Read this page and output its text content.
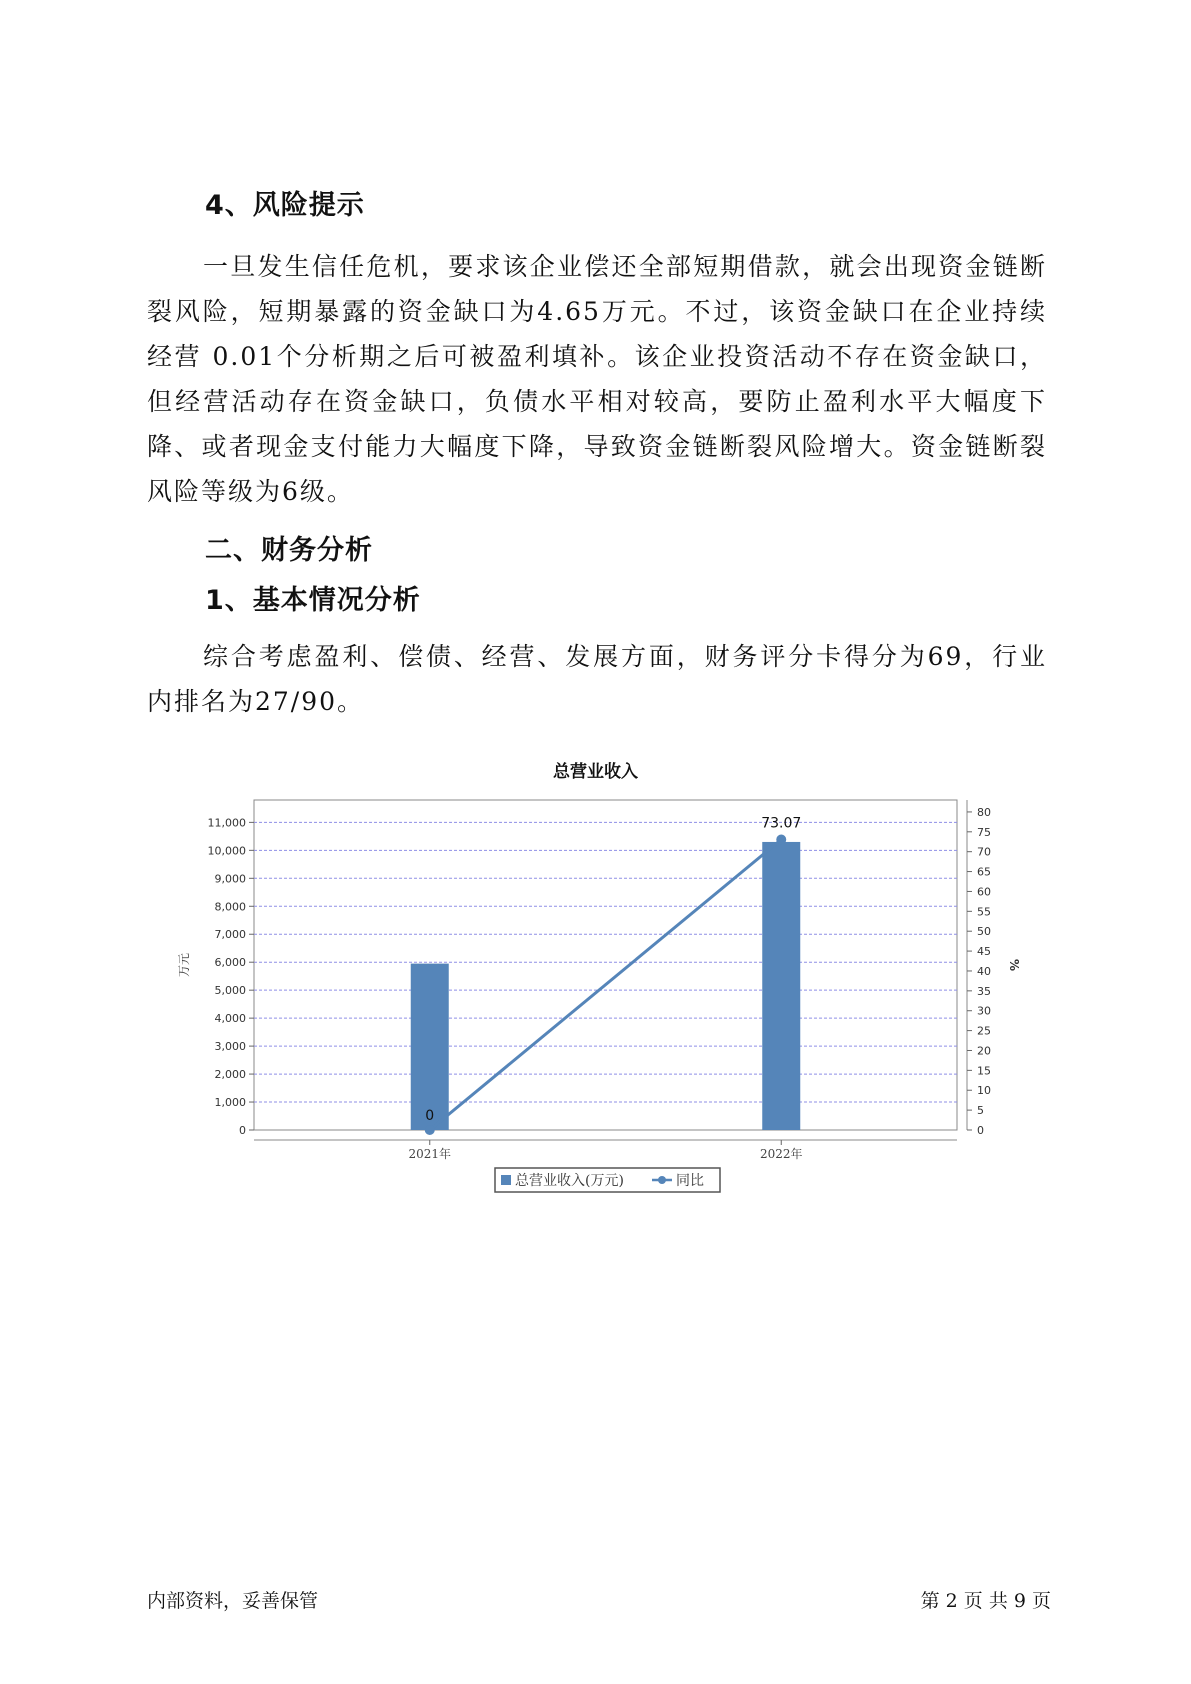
4、风险提示

一旦发生信任危机，要求该企业偿还全部短期借款，就会出现资金链断裂风险，短期暴露的资金缺口为4.65万元。不过，该资金缺口在企业持续经营 0.01个分析期之后可被盈利填补。该企业投资活动不存在资金缺口，但经营活动存在资金缺口，负债水平相对较高，要防止盈利水平大幅度下降、或者现金支付能力大幅度下降，导致资金链断裂风险增大。资金链断裂风险等级为6级。

二、财务分析
1、基本情况分析

综合考虑盈利、偿债、经营、发展方面，财务评分卡得分为69，行业内排名为27/90。

总营业收入
0
1,000
2,000
3,000
4,000
5,000
6,000
7,000
8,000
9,000
10,000
11,000
0
5
10
15
20
25
30
35
40
45
50
55
60
65
70
75
80
万元	%
2021年	2022年
0
73.07
总营业收入(万元)	同比
内部资料，妥善保管	第 2 页 共 9 页
